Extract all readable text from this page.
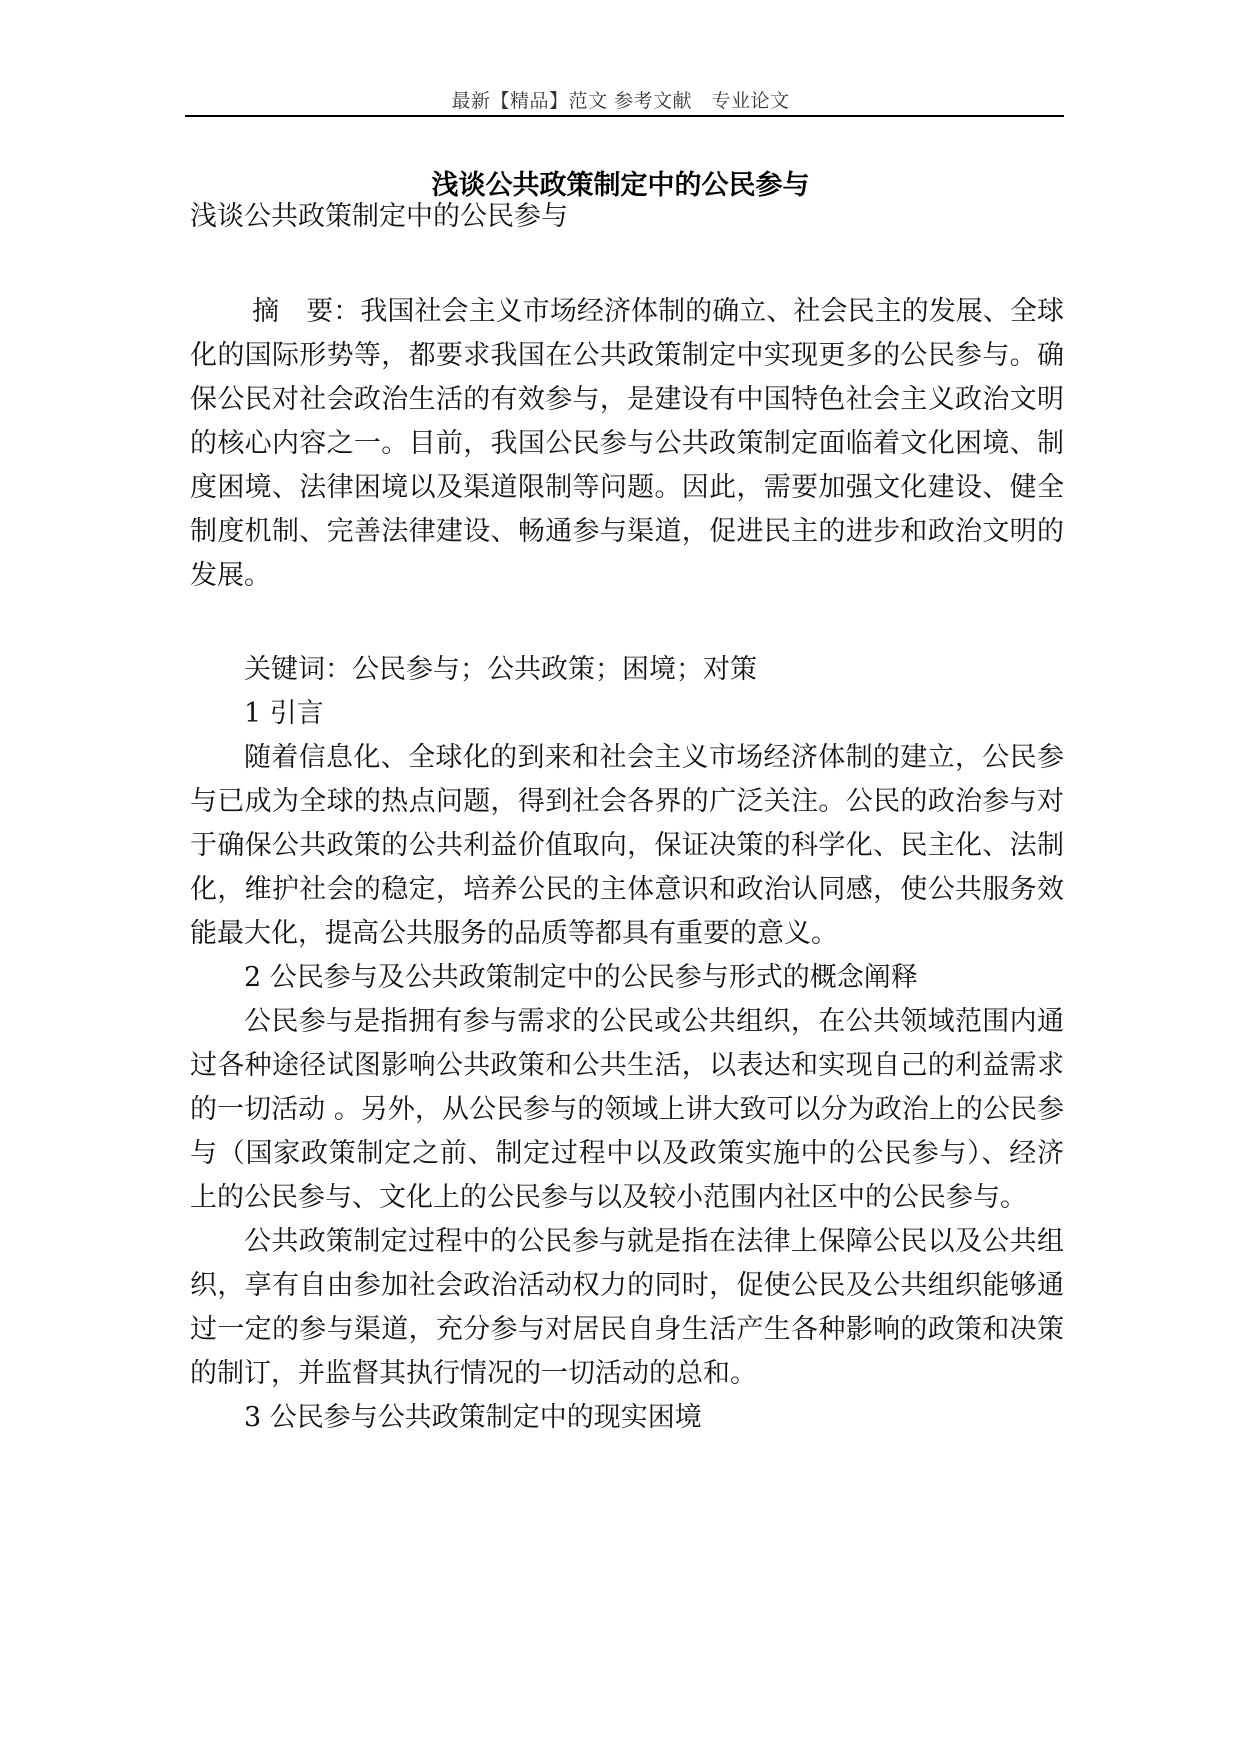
最新【精品】范文 参考文献　专业论文
浅谈公共政策制定中的公民参与

浅谈公共政策制定中的公民参与

摘　要：我国社会主义市场经济体制的确立、社会民主的发展、全球化的国际形势等，都要求我国在公共政策制定中实现更多的公民参与。确保公民对社会政治生活的有效参与，是建设有中国特色社会主义政治文明的核心内容之一。目前，我国公民参与公共政策制定面临着文化困境、制度困境、法律困境以及渠道限制等问题。因此，需要加强文化建设、健全制度机制、完善法律建设、畅通参与渠道，促进民主的进步和政治文明的发展。

关键词：公民参与；公共政策；困境；对策

1 引言

随着信息化、全球化的到来和社会主义市场经济体制的建立，公民参与已成为全球的热点问题，得到社会各界的广泛关注。公民的政治参与对于确保公共政策的公共利益价值取向，保证决策的科学化、民主化、法制化，维护社会的稳定，培养公民的主体意识和政治认同感，使公共服务效能最大化，提高公共服务的品质等都具有重要的意义。

2 公民参与及公共政策制定中的公民参与形式的概念阐释

公民参与是指拥有参与需求的公民或公共组织，在公共领域范围内通过各种途径试图影响公共政策和公共生活，以表达和实现自己的利益需求的一切活动 。另外，从公民参与的领域上讲大致可以分为政治上的公民参与（国家政策制定之前、制定过程中以及政策实施中的公民参与）、经济上的公民参与、文化上的公民参与以及较小范围内社区中的公民参与。

公共政策制定过程中的公民参与就是指在法律上保障公民以及公共组织，享有自由参加社会政治活动权力的同时，促使公民及公共组织能够通过一定的参与渠道，充分参与对居民自身生活产生各种影响的政策和决策的制订，并监督其执行情况的一切活动的总和。

3 公民参与公共政策制定中的现实困境
